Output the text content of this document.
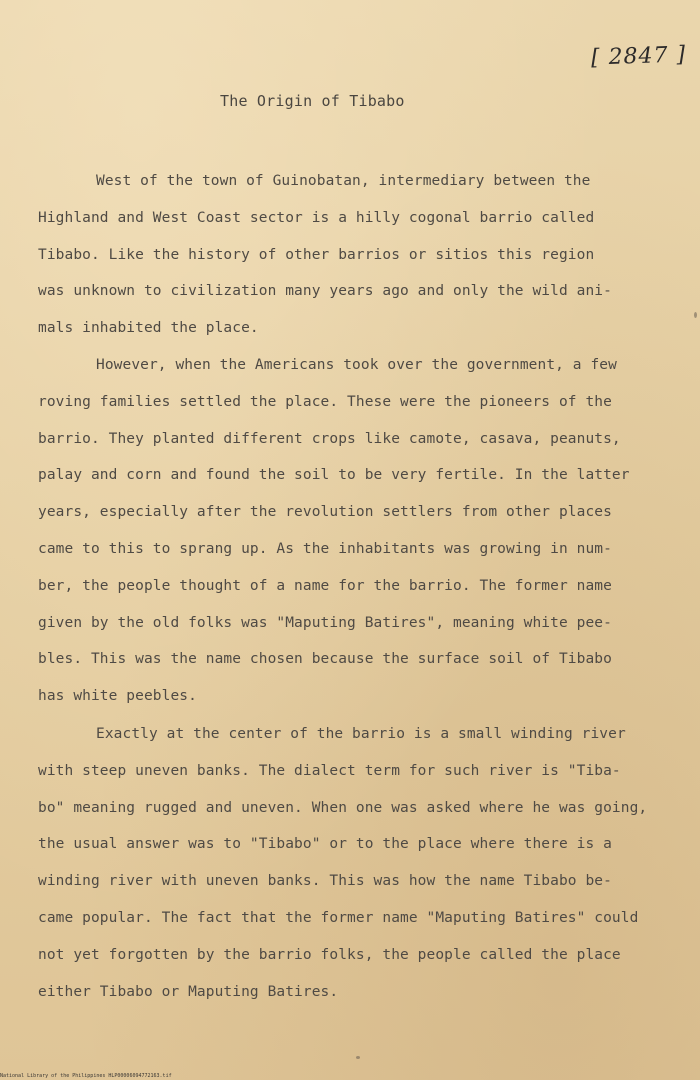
[ 2847 ]
The Origin of Tibabo
West of the town of Guinobatan, intermediary between the
Highland and West Coast sector is a hilly cogonal barrio called
Tibabo. Like the history of other barrios or sitios this region
was unknown to civilization many years ago and only the wild ani-
mals inhabited the place.
However, when the Americans took over the government, a few
roving families settled the place. These were the pioneers of the
barrio. They planted different crops like camote, casava, peanuts,
palay and corn and found the soil to be very fertile. In the latter
years, especially after the revolution settlers from other places
came to this to sprang up. As the inhabitants was growing in num-
ber, the people thought of a name for the barrio. The former name
given by the old folks was "Maputing Batires", meaning white pee-
bles. This was the name chosen because the surface soil of Tibabo
has white peebles.
Exactly at the center of the barrio is a small winding river
with steep uneven banks. The dialect term for such river is "Tiba-
bo" meaning rugged and uneven. When one was asked where he was going,
the usual answer was to "Tibabo" or to the place where there is a
winding river with uneven banks. This was how the name Tibabo be-
came popular. The fact that the former name "Maputing Batires" could
not yet forgotten by the barrio folks, the people called the place
either Tibabo or Maputing Batires.
National Library of the Philippines HLP00006094772163.tif
